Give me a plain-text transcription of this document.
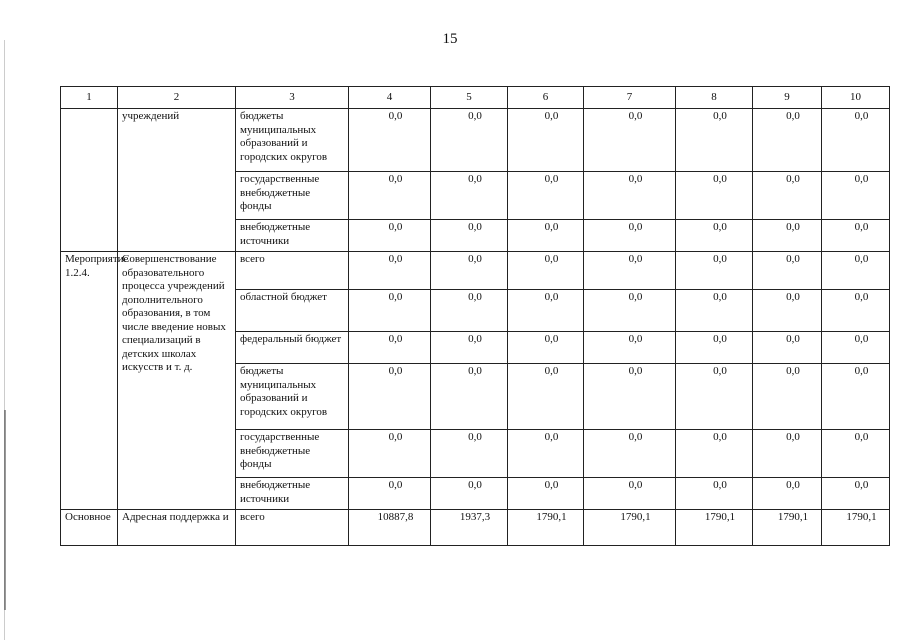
15
1	2	3	4	5	6	7	8	9	10
	учреждений	бюджеты муниципальных образований и городских округов	0,0	0,0	0,0	0,0	0,0	0,0	0,0

		государственные внебюджетные фонды	0,0	0,0	0,0	0,0	0,0	0,0	0,0

		внебюджетные источники	0,0	0,0	0,0	0,0	0,0	0,0	0,0

Мероприятие 1.2.4.	Совершенствование образовательного процесса учреждений дополнительного образования, в том числе введение новых специализаций в детских школах искусств и т. д.	всего	0,0	0,0	0,0	0,0	0,0	0,0	0,0

		областной бюджет	0,0	0,0	0,0	0,0	0,0	0,0	0,0

		федеральный бюджет	0,0	0,0	0,0	0,0	0,0	0,0	0,0

		бюджеты муниципальных образований и городских округов	0,0	0,0	0,0	0,0	0,0	0,0	0,0

		государственные внебюджетные фонды	0,0	0,0	0,0	0,0	0,0	0,0	0,0

		внебюджетные источники	0,0	0,0	0,0	0,0	0,0	0,0	0,0

Основное	Адресная поддержка и	всего	10887,8	1937,3	1790,1	1790,1	1790,1	1790,1	1790,1
